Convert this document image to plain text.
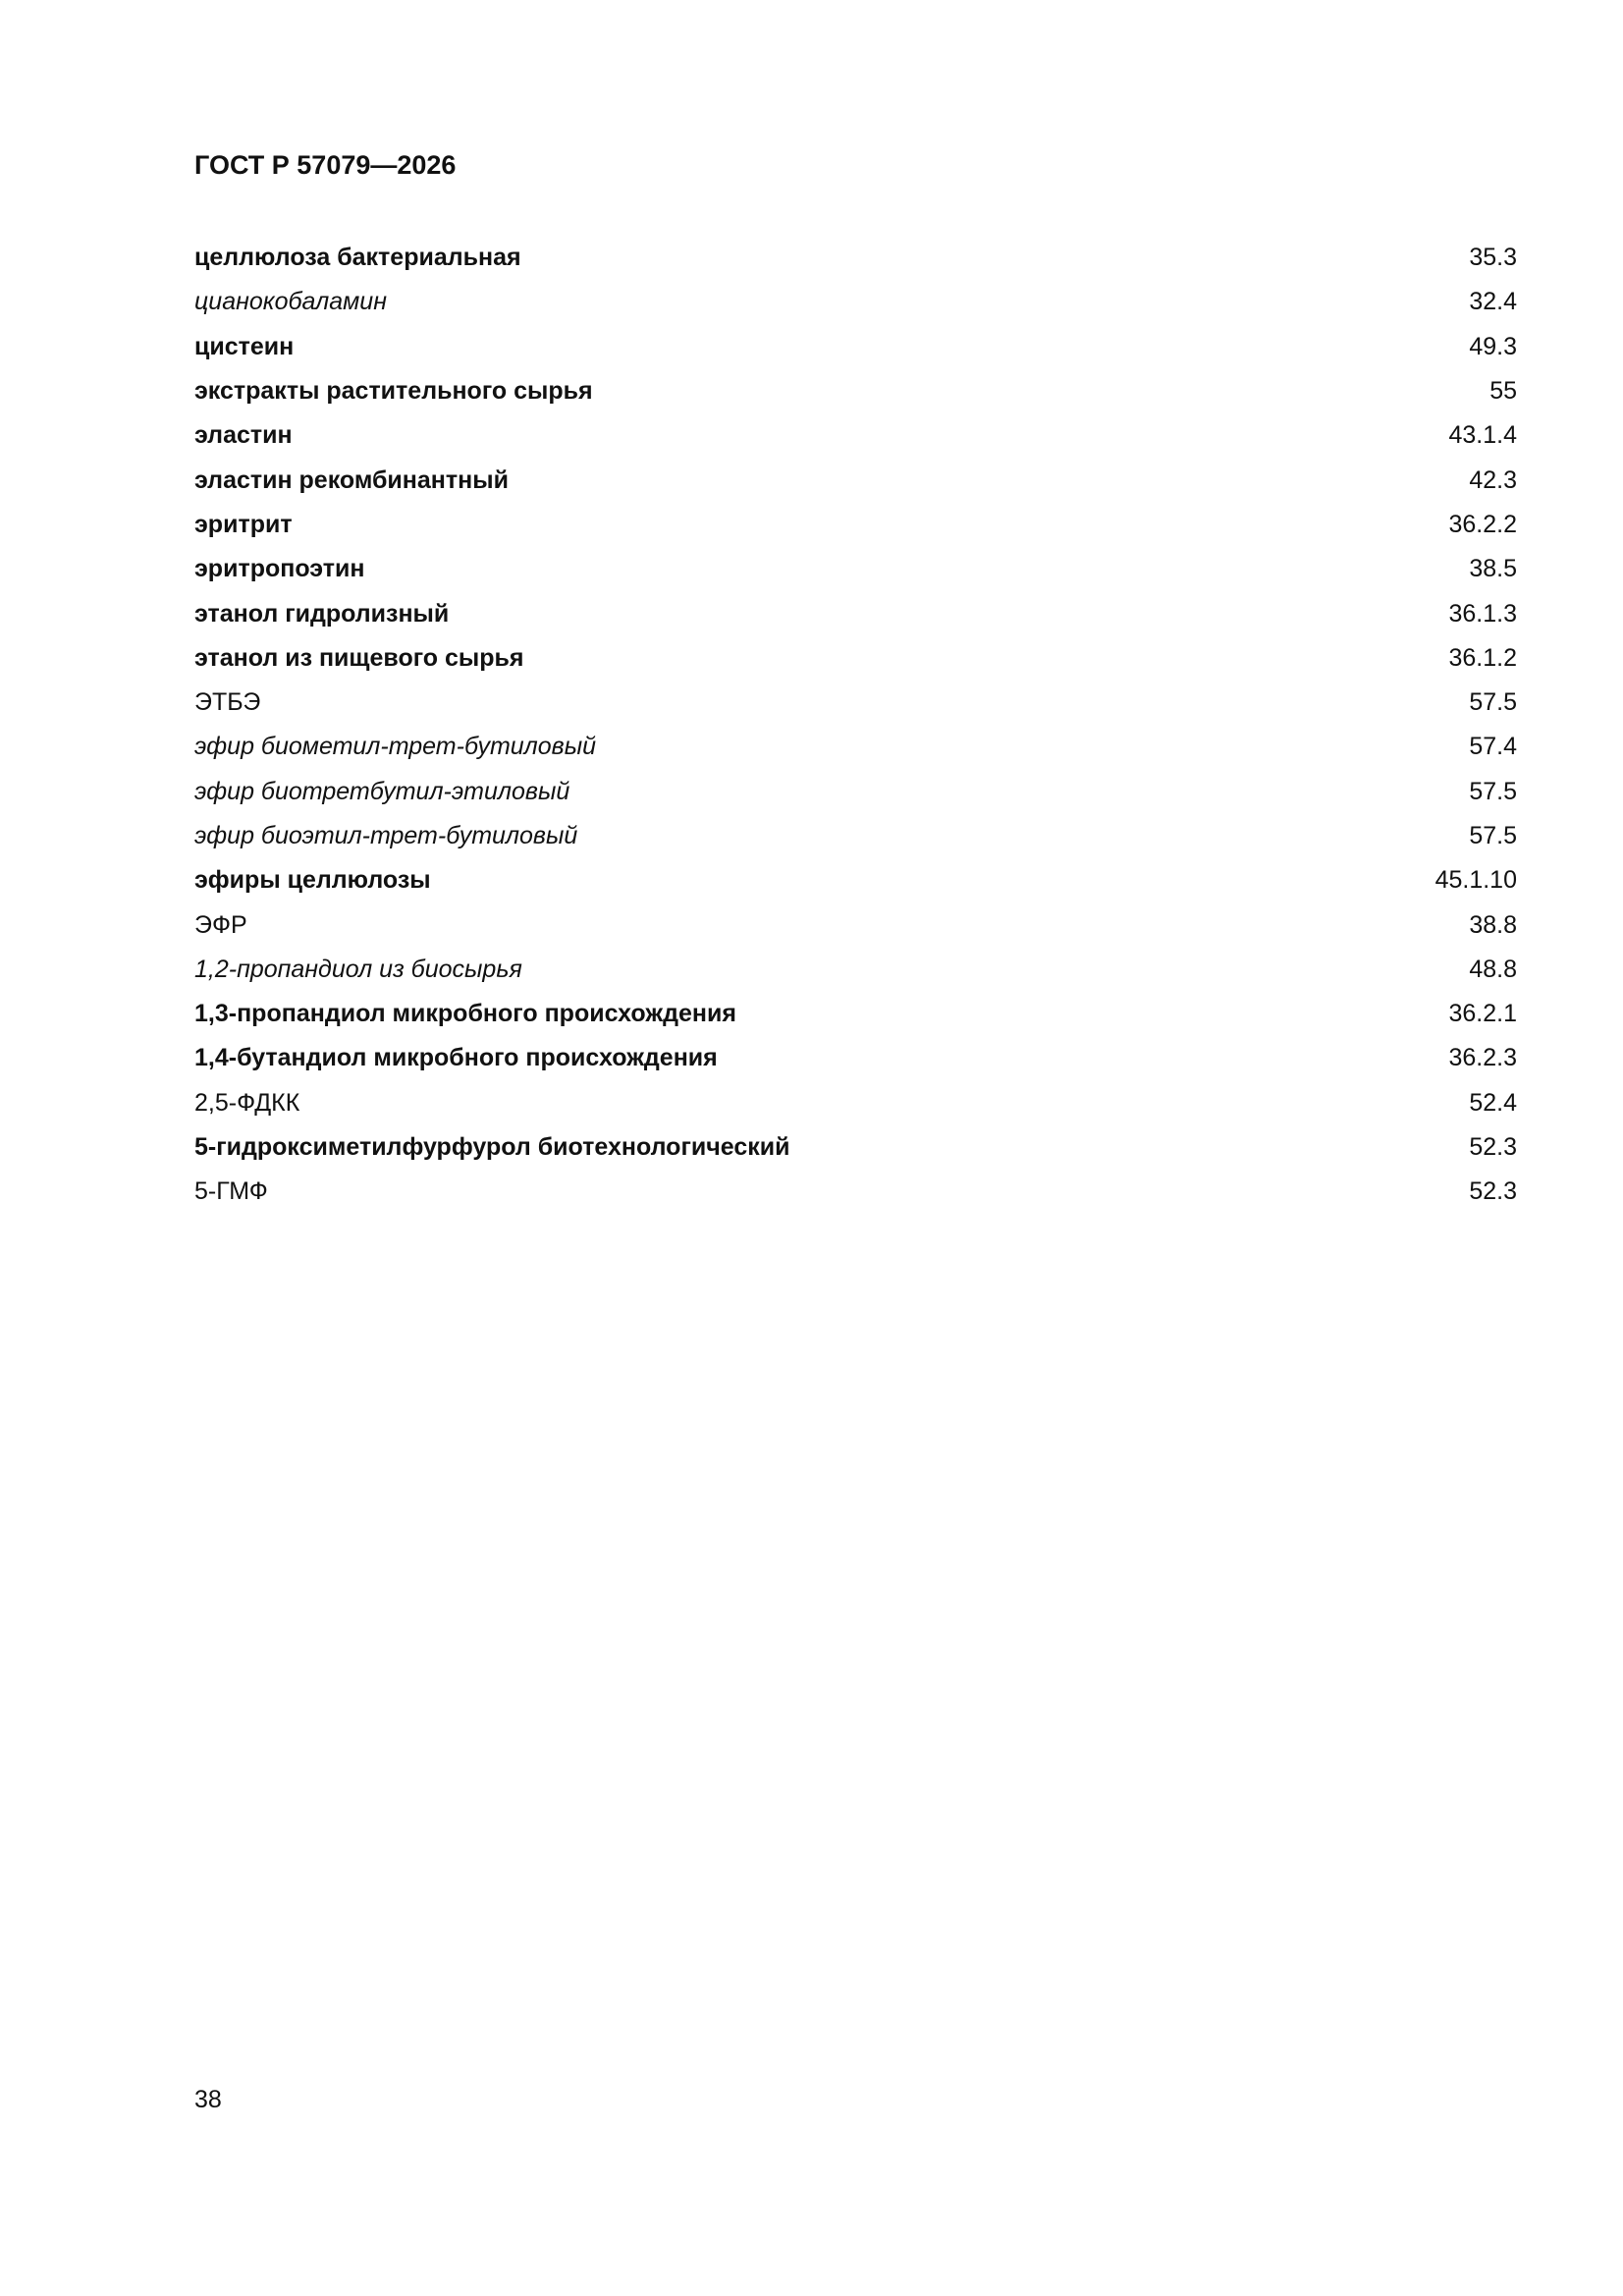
ГОСТ Р 57079—2026
целлюлоза бактериальная	35.3
цианокобаламин	32.4
цистеин	49.3
экстракты растительного сырья	55
эластин	43.1.4
эластин рекомбинантный	42.3
эритрит	36.2.2
эритропоэтин	38.5
этанол гидролизный	36.1.3
этанол из пищевого сырья	36.1.2
ЭТБЭ	57.5
эфир биометил-трет-бутиловый	57.4
эфир биотретбутил-этиловый	57.5
эфир биоэтил-трет-бутиловый	57.5
эфиры целлюлозы	45.1.10
ЭФР	38.8
1,2-пропандиол из биосырья	48.8
1,3-пропандиол микробного происхождения	36.2.1
1,4-бутандиол микробного происхождения	36.2.3
2,5-ФДКК	52.4
5-гидроксиметилфурфурол биотехнологический	52.3
5-ГМФ	52.3
38
